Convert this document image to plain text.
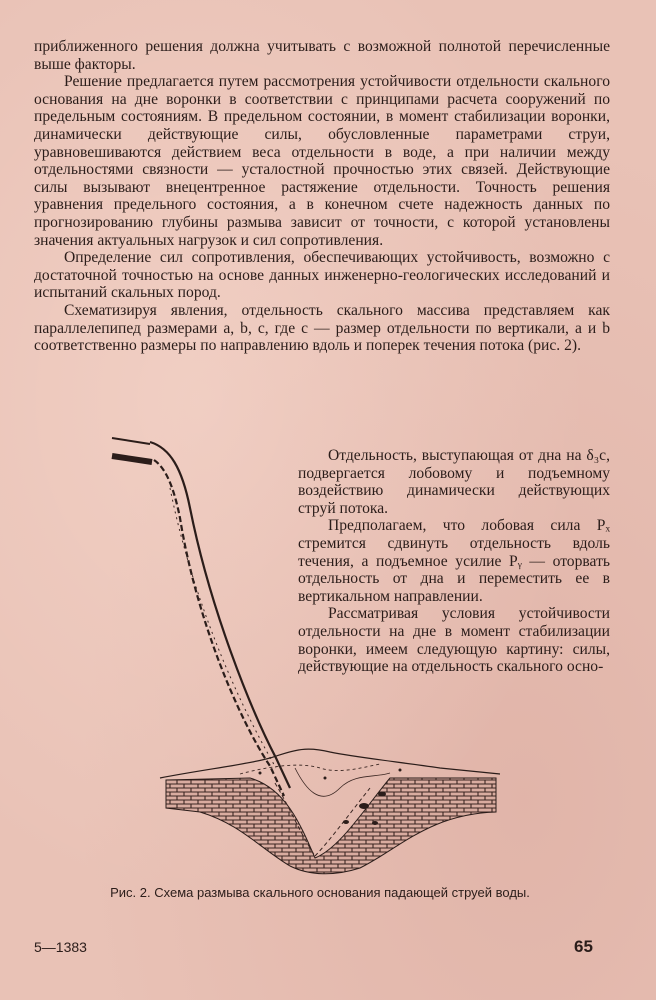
приближенного решения должна учитывать с возможной полнотой перечисленные выше факторы.

Решение предлагается путем рассмотрения устойчивости отдельности скального основания на дне воронки в соответствии с принципами расчета сооружений по предельным состояниям. В предельном состоянии, в момент стабилизации воронки, динамически действующие силы, обусловленные параметрами струи, уравновешиваются действием веса отдельности в воде, а при наличии между отдельностями связности — усталостной прочностью этих связей. Действующие силы вызывают внецентренное растяжение отдельности. Точность решения уравнения предельного состояния, а в конечном счете надежность данных по прогнозированию глубины размыва зависит от точности, с которой установлены значения актуальных нагрузок и сил сопротивления.

Определение сил сопротивления, обеспечивающих устойчивость, возможно с достаточной точностью на основе данных инженерно-геологических исследований и испытаний скальных пород.

Схематизируя явления, отдельность скального массива представляем как параллелепипед размерами a, b, c, где c — размер отдельности по вертикали, a и b соответственно размеры по направлению вдоль и поперек течения потока (рис. 2).

Отдельность, выступающая от дна на δ₃c, подвергается лобовому и подъемному воздействию динамически действующих струй потока.

Предполагаем, что лобовая сила Pₓ стремится сдвинуть отдельность вдоль течения, а подъемное усилие Pᵧ — оторвать отдельность от дна и переместить ее в вертикальном направлении.

Рассматривая условия устойчивости отдельности на дне в момент стабилизации воронки, имеем следующую картину: силы, действующие на отдельность скального осно-

Рис. 2. Схема размыва скального основания падающей струей воды.
5—1383	65
